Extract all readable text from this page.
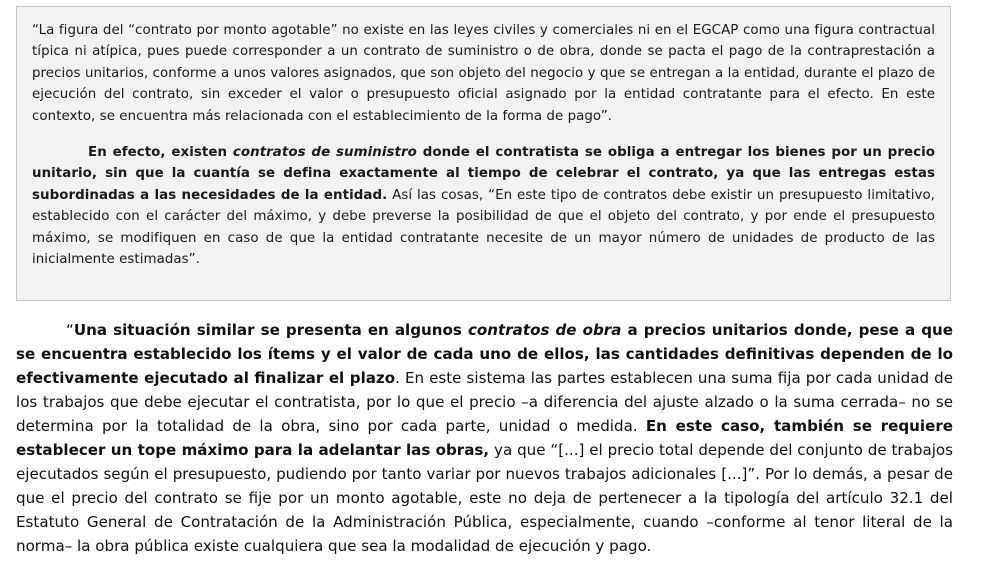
“La figura del “contrato por monto agotable” no existe en las leyes civiles y comerciales ni en el EGCAP como una figura contractual típica ni atípica, pues puede corresponder a un contrato de suministro o de obra, donde se pacta el pago de la contraprestación a precios unitarios, conforme a unos valores asignados, que son objeto del negocio y que se entregan a la entidad, durante el plazo de ejecución del contrato, sin exceder el valor o presupuesto oficial asignado por la entidad contratante para el efecto. En este contexto, se encuentra más relacionada con el establecimiento de la forma de pago”.

En efecto, existen contratos de suministro donde el contratista se obliga a entregar los bienes por un precio unitario, sin que la cuantía se defina exactamente al tiempo de celebrar el contrato, ya que las entregas estas subordinadas a las necesidades de la entidad. Así las cosas, “En este tipo de contratos debe existir un presupuesto limitativo, establecido con el carácter del máximo, y debe preverse la posibilidad de que el objeto del contrato, y por ende el presupuesto máximo, se modifiquen en caso de que la entidad contratante necesite de un mayor número de unidades de producto de las inicialmente estimadas”.

“Una situación similar se presenta en algunos contratos de obra a precios unitarios donde, pese a que se encuentra establecido los ítems y el valor de cada uno de ellos, las cantidades definitivas dependen de lo efectivamente ejecutado al finalizar el plazo. En este sistema las partes establecen una suma fija por cada unidad de los trabajos que debe ejecutar el contratista, por lo que el precio –a diferencia del ajuste alzado o la suma cerrada– no se determina por la totalidad de la obra, sino por cada parte, unidad o medida. En este caso, también se requiere establecer un tope máximo para la adelantar las obras, ya que “[...] el precio total depende del conjunto de trabajos ejecutados según el presupuesto, pudiendo por tanto variar por nuevos trabajos adicionales [...]”. Por lo demás, a pesar de que el precio del contrato se fije por un monto agotable, este no deja de pertenecer a la tipología del artículo 32.1 del Estatuto General de Contratación de la Administración Pública, especialmente, cuando –conforme al tenor literal de la norma– la obra pública existe cualquiera que sea la modalidad de ejecución y pago.
